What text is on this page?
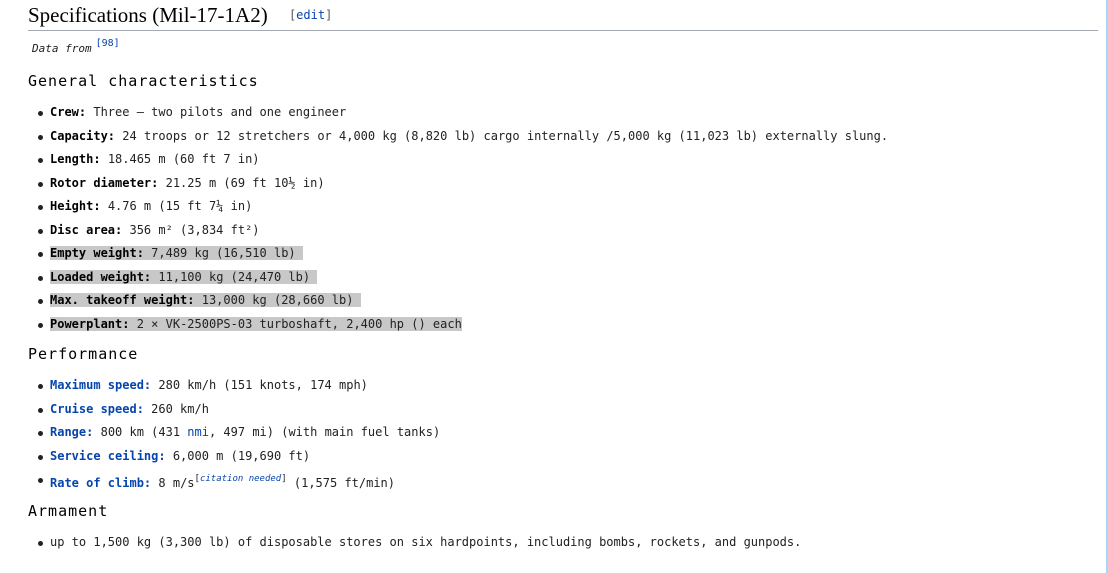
Specifications (Mil-17-1A2) [edit]
Data from [98]
General characteristics
Crew: Three – two pilots and one engineer
Capacity: 24 troops or 12 stretchers or 4,000 kg (8,820 lb) cargo internally /5,000 kg (11,023 lb) externally slung.
Length: 18.465 m (60 ft 7 in)
Rotor diameter: 21.25 m (69 ft 10½ in)
Height: 4.76 m (15 ft 7¼ in)
Disc area: 356 m² (3,834 ft²)
Empty weight: 7,489 kg (16,510 lb)
Loaded weight: 11,100 kg (24,470 lb)
Max. takeoff weight: 13,000 kg (28,660 lb)
Powerplant: 2 × VK-2500PS-03 turboshaft, 2,400 hp () each
Performance
Maximum speed: 280 km/h (151 knots, 174 mph)
Cruise speed: 260 km/h
Range: 800 km (431 nmi, 497 mi) (with main fuel tanks)
Service ceiling: 6,000 m (19,690 ft)
Rate of climb: 8 m/s[citation needed] (1,575 ft/min)
Armament
up to 1,500 kg (3,300 lb) of disposable stores on six hardpoints, including bombs, rockets, and gunpods.
